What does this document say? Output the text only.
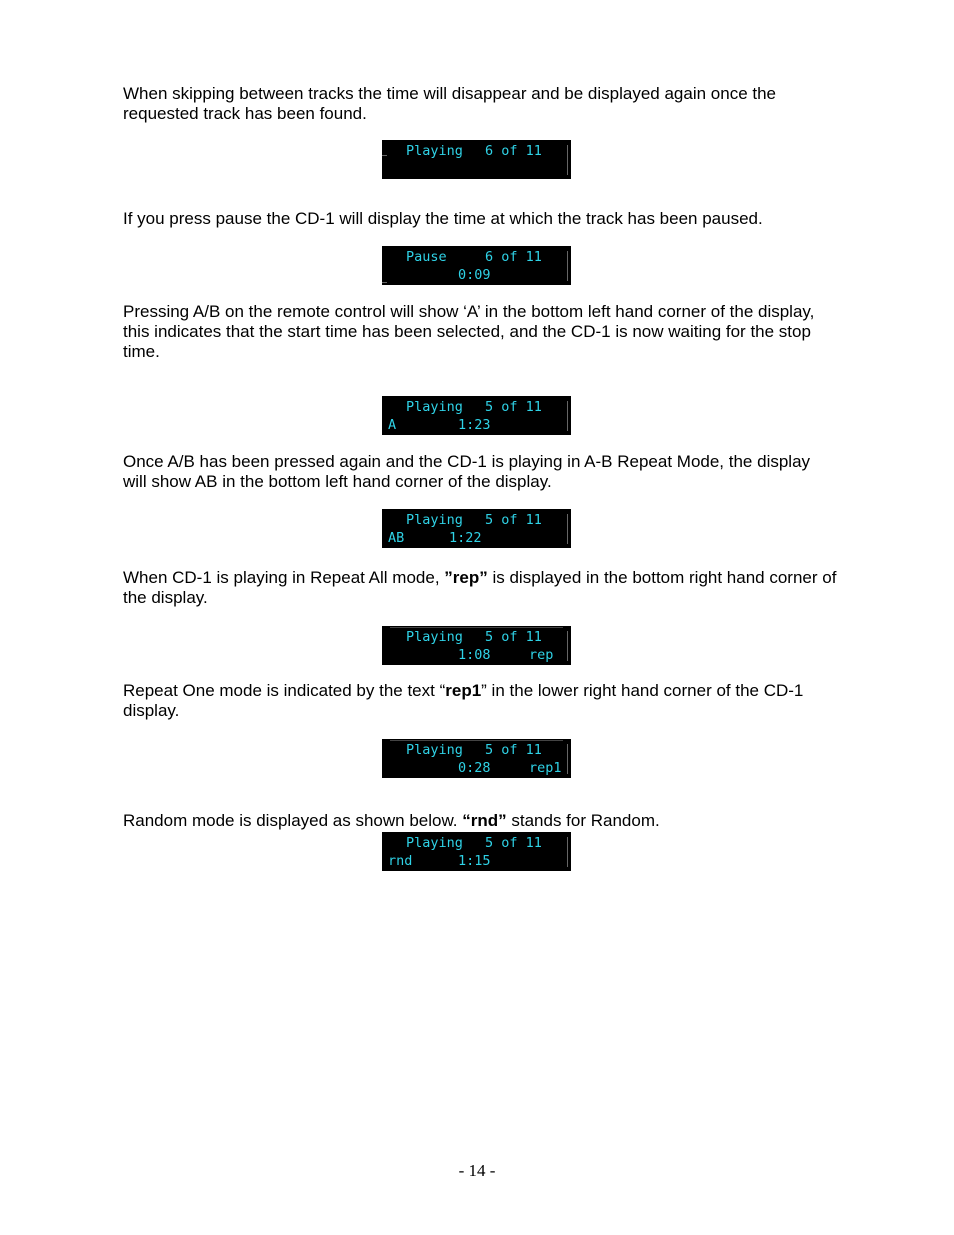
When skipping between tracks the time will disappear and be displayed again once the requested track has been found.

Playing 6 of 11

If you press pause the CD-1 will display the time at which the track has been paused.

Pause	6 of 11
0:09

Pressing A/B on the remote control will show ‘A’ in the bottom left hand corner of the display, this indicates that the start time has been selected, and the CD-1 is now waiting for the stop time.

Playing 5 of 11
A	1:23

Once A/B has been pressed again and the CD-1 is playing in A-B Repeat Mode, the display will show AB in the bottom left hand corner of the display.

Playing 5 of 11
AB	1:22

When CD-1 is playing in Repeat All mode, ”rep” is displayed in the bottom right hand corner of the display.

Playing 5 of 11
1:08	rep

Repeat One mode is indicated by the text “rep1” in the lower right hand corner of the CD-1 display.

Playing 5 of 11
0:28	rep1

Random mode is displayed as shown below. “rnd” stands for Random.

Playing 5 of 11
rnd	1:15
- 14 -
